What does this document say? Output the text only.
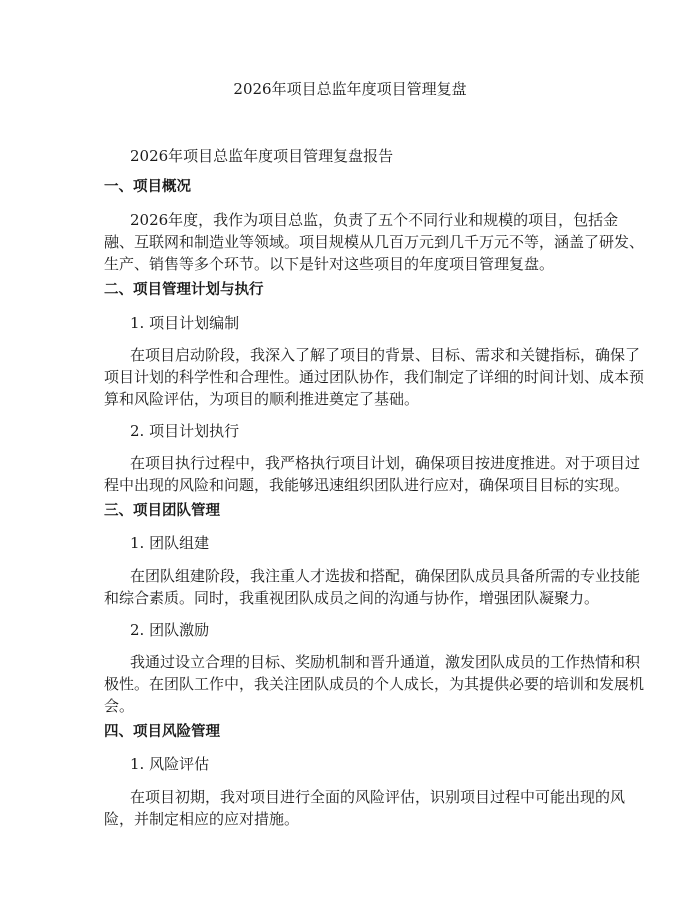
2026年项目总监年度项目管理复盘

2026年项目总监年度项目管理复盘报告

一、项目概况

2026年度，我作为项目总监，负责了五个不同行业和规模的项目，包括金

融、互联网和制造业等领域。项目规模从几百万元到几千万元不等，涵盖了研发、

生产、销售等多个环节。以下是针对这些项目的年度项目管理复盘。

二、项目管理计划与执行

1. 项目计划编制

在项目启动阶段，我深入了解了项目的背景、目标、需求和关键指标，确保了

项目计划的科学性和合理性。通过团队协作，我们制定了详细的时间计划、成本预

算和风险评估，为项目的顺利推进奠定了基础。

2. 项目计划执行

在项目执行过程中，我严格执行项目计划，确保项目按进度推进。对于项目过

程中出现的风险和问题，我能够迅速组织团队进行应对，确保项目目标的实现。

三、项目团队管理

1. 团队组建

在团队组建阶段，我注重人才选拔和搭配，确保团队成员具备所需的专业技能

和综合素质。同时，我重视团队成员之间的沟通与协作，增强团队凝聚力。

2. 团队激励

我通过设立合理的目标、奖励机制和晋升通道，激发团队成员的工作热情和积

极性。在团队工作中，我关注团队成员的个人成长，为其提供必要的培训和发展机

会。

四、项目风险管理

1. 风险评估

在项目初期，我对项目进行全面的风险评估，识别项目过程中可能出现的风

险，并制定相应的应对措施。
